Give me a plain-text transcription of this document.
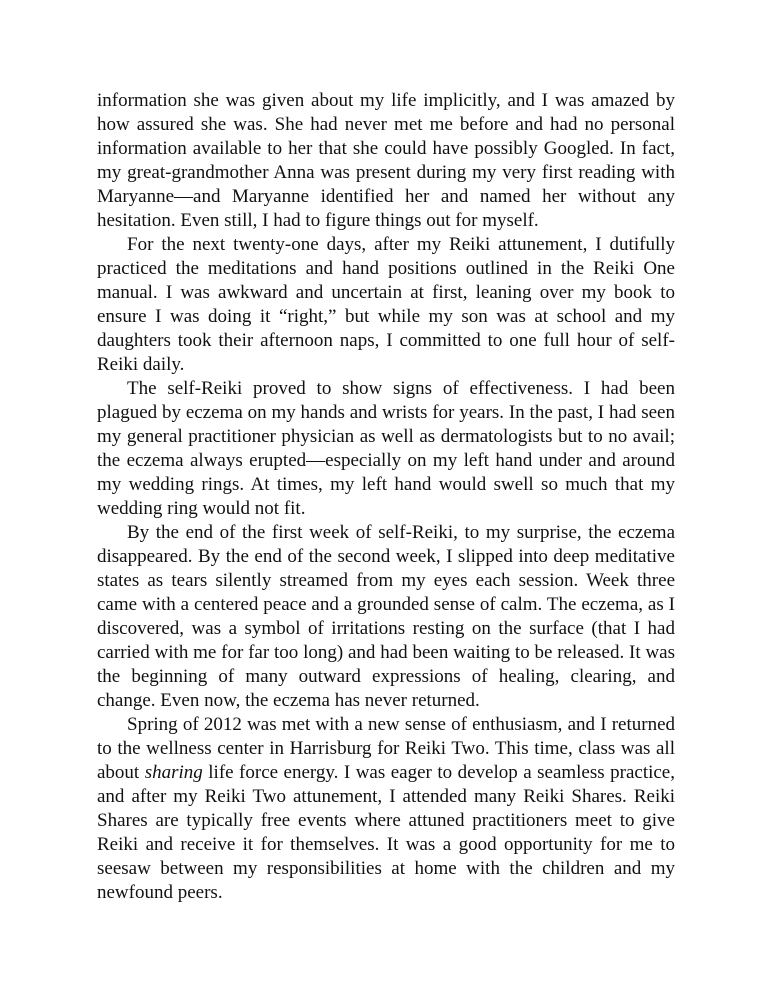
information she was given about my life implicitly, and I was amazed by how assured she was. She had never met me before and had no personal information available to her that she could have possibly Googled. In fact, my great-grandmother Anna was present during my very first reading with Maryanne—and Maryanne identified her and named her without any hesitation. Even still, I had to figure things out for myself.

For the next twenty-one days, after my Reiki attunement, I dutifully practiced the meditations and hand positions outlined in the Reiki One manual. I was awkward and uncertain at first, leaning over my book to ensure I was doing it “right,” but while my son was at school and my daughters took their afternoon naps, I committed to one full hour of self-Reiki daily.

The self-Reiki proved to show signs of effectiveness. I had been plagued by eczema on my hands and wrists for years. In the past, I had seen my general practitioner physician as well as dermatologists but to no avail; the eczema always erupted—especially on my left hand under and around my wedding rings. At times, my left hand would swell so much that my wedding ring would not fit.

By the end of the first week of self-Reiki, to my surprise, the eczema disappeared. By the end of the second week, I slipped into deep meditative states as tears silently streamed from my eyes each session. Week three came with a centered peace and a grounded sense of calm. The eczema, as I discovered, was a symbol of irritations resting on the surface (that I had carried with me for far too long) and had been waiting to be released. It was the beginning of many outward expressions of healing, clearing, and change. Even now, the eczema has never returned.

Spring of 2012 was met with a new sense of enthusiasm, and I returned to the wellness center in Harrisburg for Reiki Two. This time, class was all about sharing life force energy. I was eager to develop a seamless practice, and after my Reiki Two attunement, I attended many Reiki Shares. Reiki Shares are typically free events where attuned practitioners meet to give Reiki and receive it for themselves. It was a good opportunity for me to seesaw between my responsibilities at home with the children and my newfound peers.
